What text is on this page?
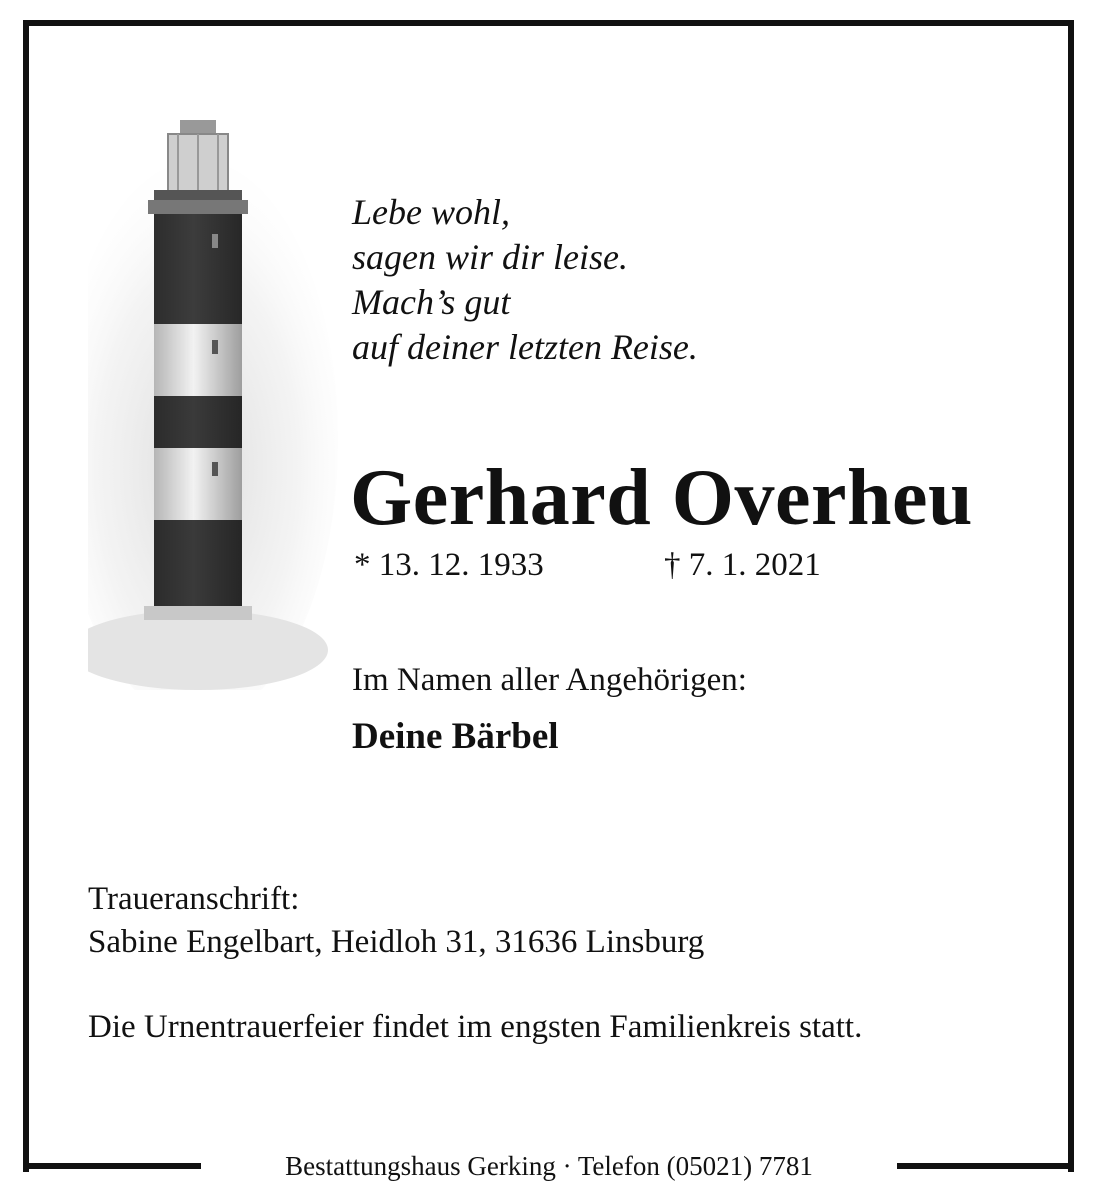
Lebe wohl,
sagen wir dir leise.
Mach’s gut
auf deiner letzten Reise.
Gerhard Overheu
* 13. 12. 1933	† 7. 1. 2021
Im Namen aller Angehörigen:
Deine Bärbel
Traueranschrift:
Sabine Engelbart, Heidloh 31, 31636 Linsburg
Die Urnentrauerfeier findet im engsten Familienkreis statt.
Bestattungshaus Gerking · Telefon (05021) 7781
